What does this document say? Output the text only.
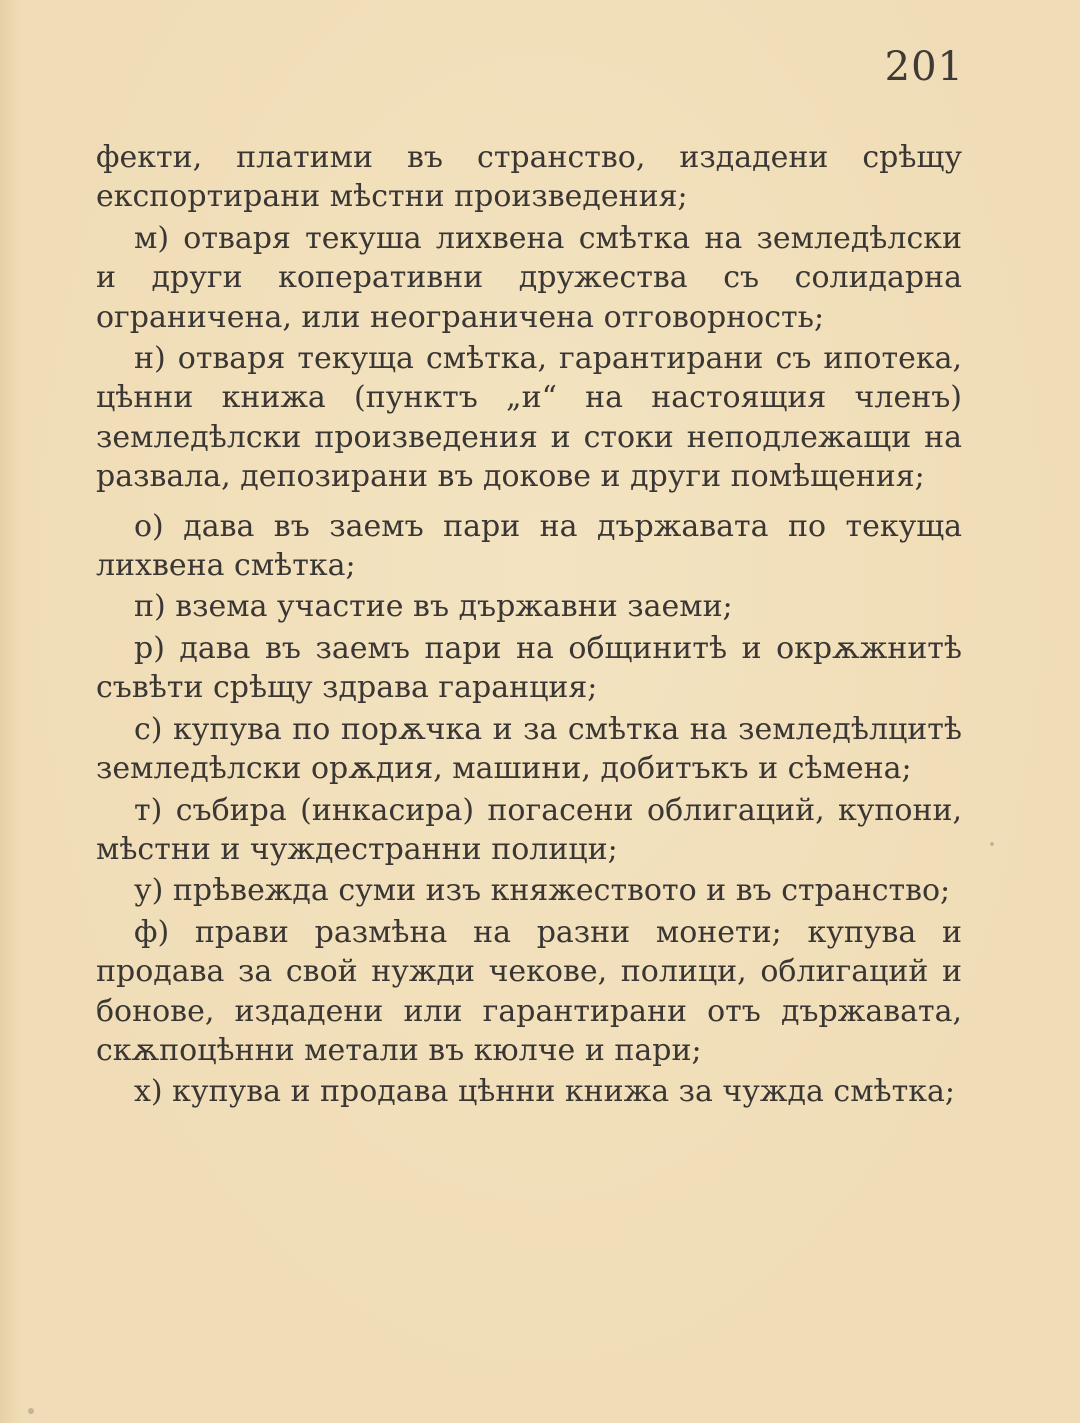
201

фекти, платими въ странство, издадени срѣщу експортирани мѣстни произведения;

м) отваря текуша лихвена смѣтка на земледѣлски и други коперативни дружества съ солидарна ограничена, или неограничена отговорность;

н) отваря текуща смѣтка, гарантирани съ ипотека, цѣнни книжа (пунктъ „и“ на настоящия членъ) земледѣлски произведения и стоки неподлежащи на развала, депозирани въ докове и други помѣщения;

о) дава въ заемъ пари на държавата по текуща лихвена смѣтка;

п) взема участие въ държавни заеми;

р) дава въ заемъ пари на общинитѣ и окрѫжнитѣ съвѣти срѣщу здрава гаранция;

с) купува по порѫчка и за смѣтка на земледѣлцитѣ земледѣлски орѫдия, машини, добитъкъ и сѣмена;

т) събира (инкасира) погасени облигаций, купони, мѣстни и чуждестранни полици;

у) прѣвежда суми изъ княжеството и въ странство;

ф) прави размѣна на разни монети; купува и продава за свой нужди чекове, полици, облигаций и бонове, издадени или гарантирани отъ държавата, скѫпоцѣнни метали въ кюлче и пари;

х) купува и продава цѣнни книжа за чужда смѣтка;
